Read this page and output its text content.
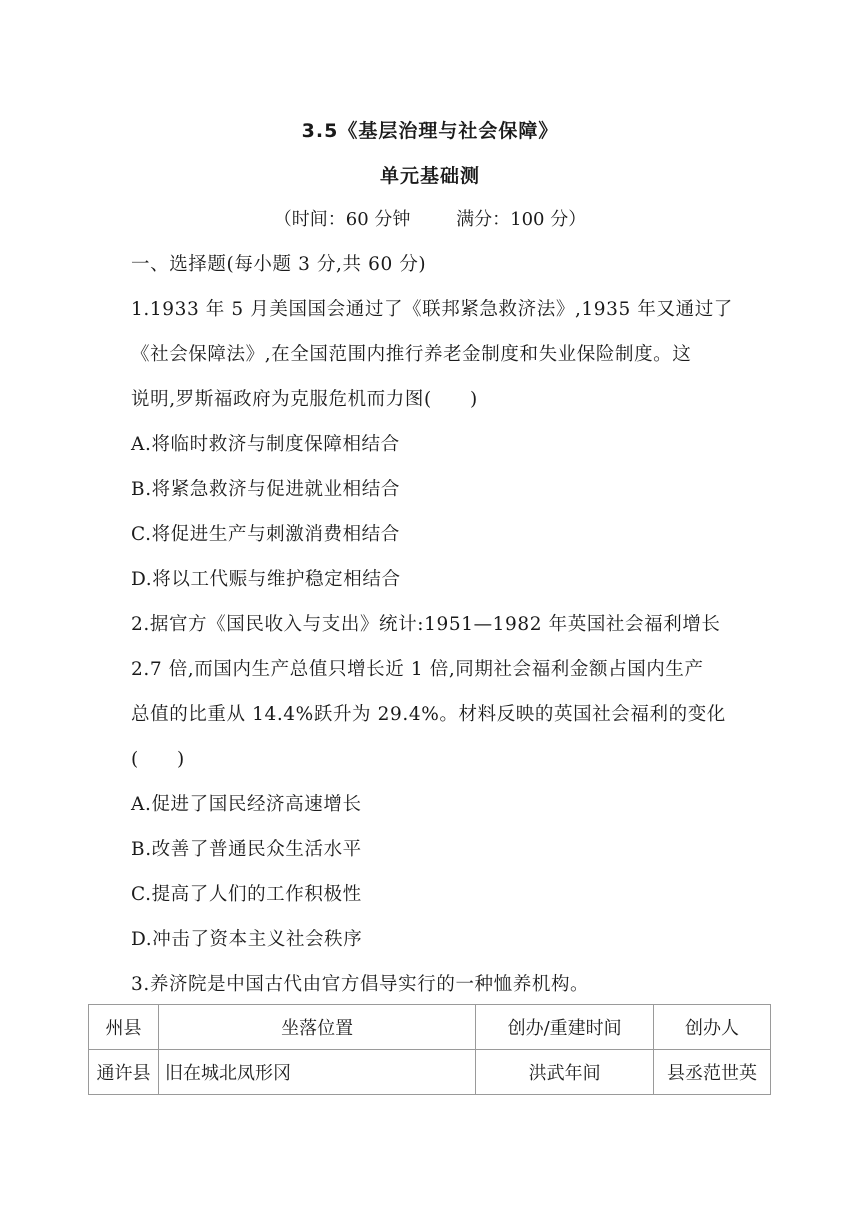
3.5《基层治理与社会保障》
单元基础测
（时间：60 分钟        满分：100 分）
一、选择题(每小题 3 分,共 60 分)
1.1933 年 5 月美国国会通过了《联邦紧急救济法》,1935 年又通过了
《社会保障法》,在全国范围内推行养老金制度和失业保险制度。这
说明,罗斯福政府为克服危机而力图(　　)
A.将临时救济与制度保障相结合
B.将紧急救济与促进就业相结合
C.将促进生产与刺激消费相结合
D.将以工代赈与维护稳定相结合
2.据官方《国民收入与支出》统计:1951—1982 年英国社会福利增长
2.7 倍,而国内生产总值只增长近 1 倍,同期社会福利金额占国内生产
总值的比重从 14.4%跃升为 29.4%。材料反映的英国社会福利的变化
(　　)
A.促进了国民经济高速增长
B.改善了普通民众生活水平
C.提高了人们的工作积极性
D.冲击了资本主义社会秩序
3.养济院是中国古代由官方倡导实行的一种恤养机构。
州县	坐落位置	创办/重建时间	创办人
通许县	旧在城北凤形冈	洪武年间	县丞范世英
